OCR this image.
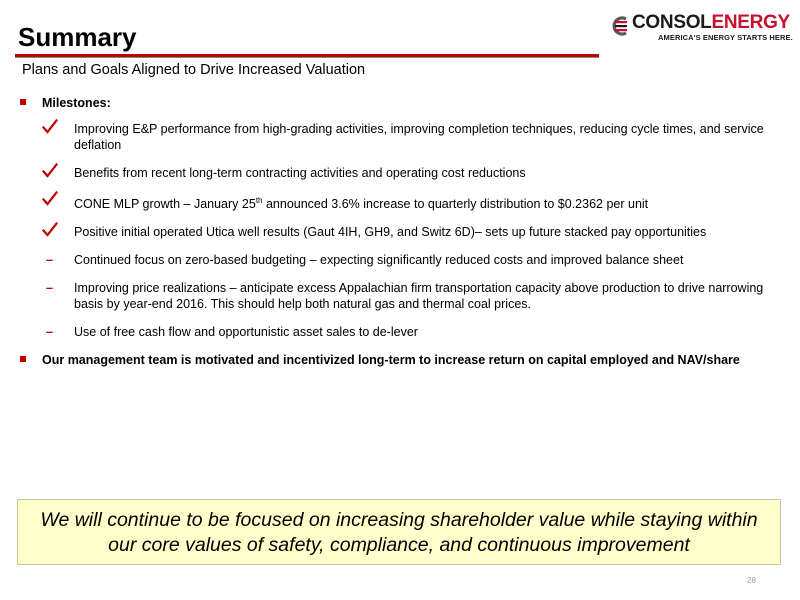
Summary
Plans and Goals Aligned to Drive Increased Valuation
CONSOLENERGY
AMERICA'S ENERGY STARTS HERE.
Milestones:
Improving E&P performance from high-grading activities, improving completion techniques, reducing cycle times, and service deflation
Benefits from recent long-term contracting activities and operating cost reductions
CONE MLP growth – January 25th announced 3.6% increase to quarterly distribution to $0.2362 per unit
Positive initial operated Utica well results (Gaut 4IH, GH9, and Switz 6D)– sets up future stacked pay opportunities
– Continued focus on zero-based budgeting – expecting significantly reduced costs and improved balance sheet
– Improving price realizations – anticipate excess Appalachian firm transportation capacity above production to drive narrowing basis by year-end 2016. This should help both natural gas and thermal coal prices.
– Use of free cash flow and opportunistic asset sales to de-lever
Our management team is motivated and incentivized long-term to increase return on capital employed and NAV/share
We will continue to be focused on increasing shareholder value while staying within
our core values of safety, compliance, and continuous improvement
28
